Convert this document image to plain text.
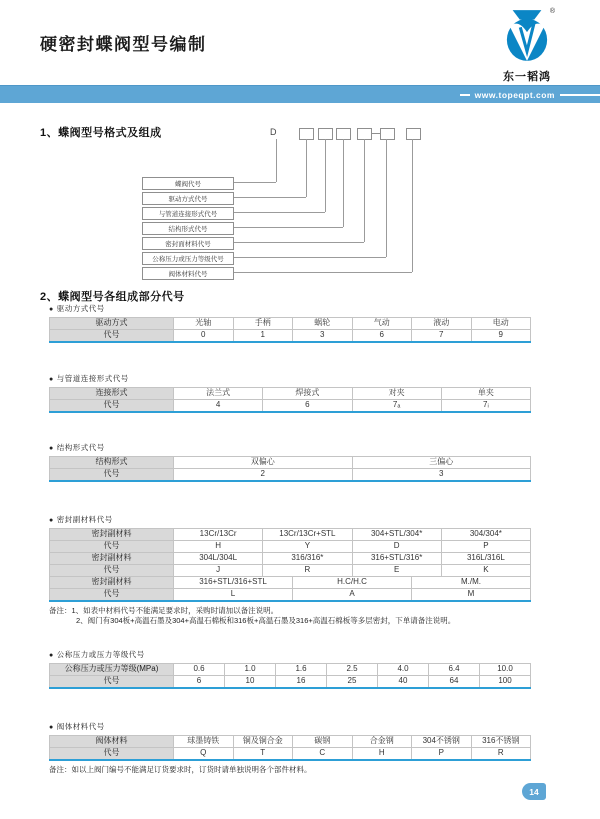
硬密封蝶阀型号编制
®
东一韬鸿
www.topeqpt.com
1、蝶阀型号格式及组成	D
蝶阀代号
驱动方式代号
与管道连接形式代号
结构形式代号
密封面材料代号
公称压力或压力等级代号
阀体材料代号
2、蝶阀型号各组成部分代号
● 驱动方式代号
驱动方式	光轴	手柄	蜗轮	气动	液动	电动
代号	0	1	3	6	7	9
● 与管道连接形式代号
连接形式	法兰式	焊接式	对夹	单夹
代号	4	6	7ₐ	7ᵢ
● 结构形式代号
结构形式	双偏心	三偏心
代号	2	3
● 密封副材料代号
密封副材料	13Cr/13Cr	13Cr/13Cr+STL		304+STL/304*		304/304*
代号	H	Y		D		P
密封副材料	304L/304L	316/316*		316+STL/316*		316L/316L
代号	J	R		E		K
密封副材料	316+STL/316+STL		H.C/H.C		M./M.	
代号	L		A		M	
备注：1、如表中材料代号不能满足要求时，采购时请加以备注说明。
2、阀门有304板+高温石墨及304+高温石棉板和316板+高温石墨及316+高温石棉板等多层密封，下单请备注说明。
● 公称压力或压力等级代号
公称压力或压力等级(MPa)	0.6	1.0	1.6	2.5	4.0	6.4	10.0
代号	6	10	16	25	40	64	100
● 阀体材料代号
阀体材料	球墨铸铁	铜及铜合金	碳钢	合金钢	304不锈钢	316不锈钢
代号	Q	T	C	H	P	R
备注：如以上阀门编号不能满足订货要求时，订货时请单独说明各个部件材料。
14
